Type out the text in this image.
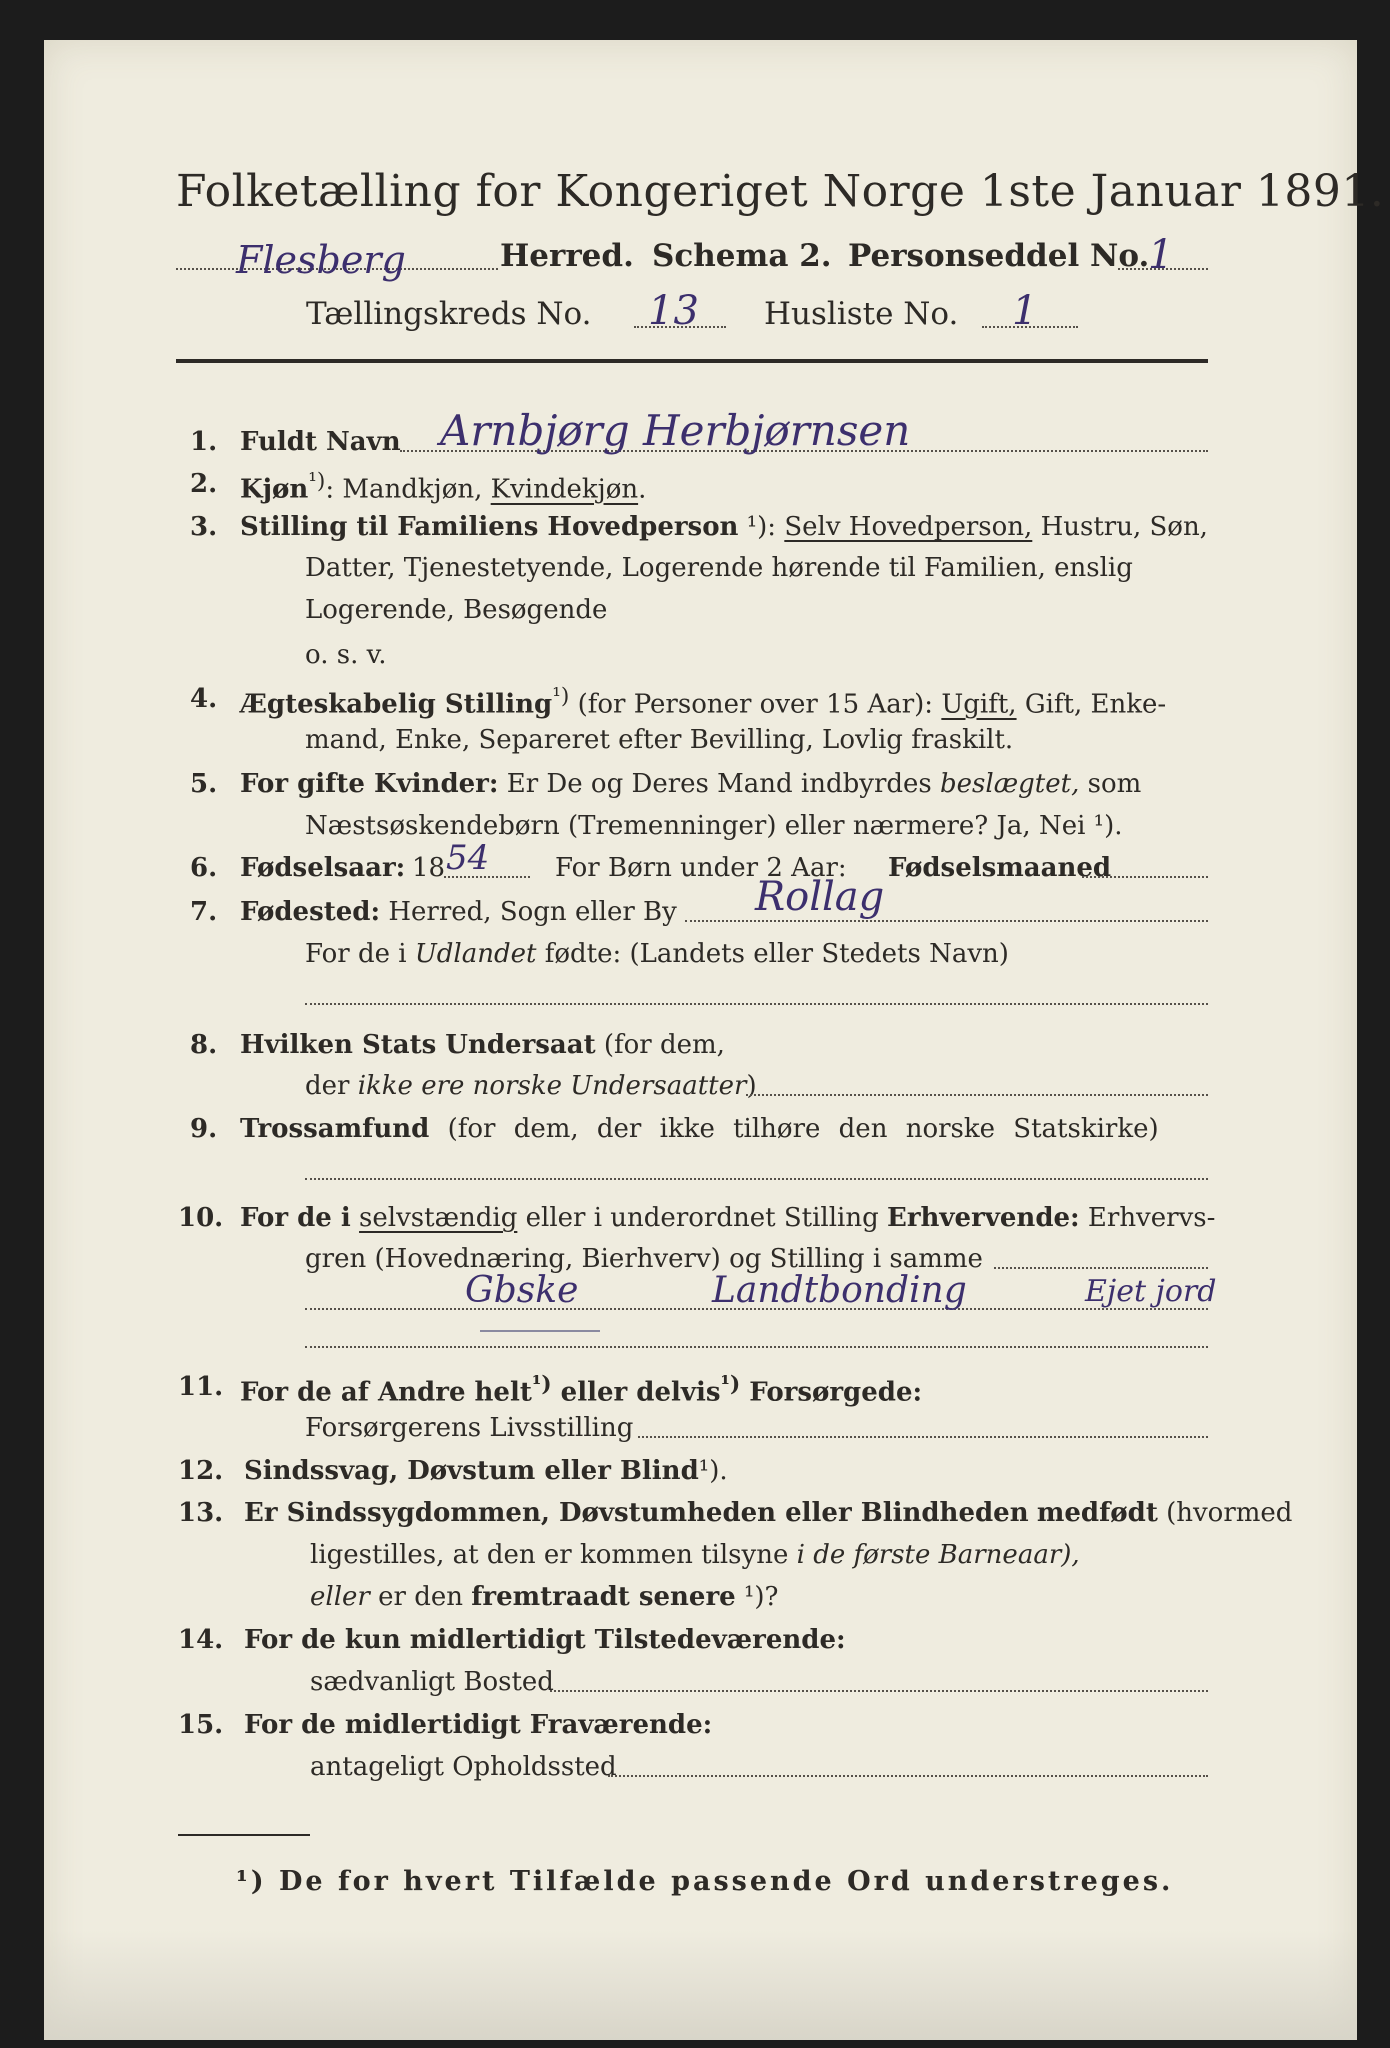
Folketælling for Kongeriget Norge 1ste Januar 1891.
Flesberg	Herred. Schema 2. Personseddel No.
1
Tællingskreds No. 13 Husliste No. 1
1. Fuldt Navn Arnbjørg Herbjørnsen
2. Kjøn$^{^1)}$: Mandkjøn, Kvindekjøn.
3. Stilling til Familiens Hovedperson ¹): Selv Hovedperson, Hustru, Søn,
Datter, Tjenestetyende, Logerende hørende til Familien, enslig
Logerende, Besøgende
o. s. v.
4. Ægteskabelig Stilling$^{^1)}$ (for Personer over 15 Aar): Ugift, Gift, Enke-
mand, Enke, Separeret efter Bevilling, Lovlig fraskilt.
5. For gifte Kvinder: Er De og Deres Mand indbyrdes beslægtet, som
Næstsøskendebørn (Tremenninger) eller nærmere? Ja, Nei ¹).
6. Fødselsaar: 18 54	For Børn under 2 Aar: Fødselsmaaned
7. Fødested: Herred, Sogn eller By Rollag
For de i Udlandet fødte: (Landets eller Stedets Navn)
8. Hvilken Stats Undersaat (for dem,
der ikke ere norske Undersaatter)
9. Trossamfund (for dem, der ikke tilhøre den norske Statskirke)
10. For de i selvstændig eller i underordnet Stilling Erhvervende: Erhvervs-
gren (Hovednæring, Bierhverv) og Stilling i samme
Gbske	Landtbonding	Ejet jord
11. For de af Andre helt$^{^1)}$ eller delvis$^{^1)}$ Forsørgede:
Forsørgerens Livsstilling
12. Sindssvag, Døvstum eller Blind¹).
13. Er Sindssygdommen, Døvstumheden eller Blindheden medfødt (hvormed
ligestilles, at den er kommen tilsyne i de første Barneaar),
eller er den fremtraadt senere ¹)?
14. For de kun midlertidigt Tilstedeværende:
sædvanligt Bosted
15. For de midlertidigt Fraværende:
antageligt Opholdssted
¹) De for hvert Tilfælde passende Ord understreges.
